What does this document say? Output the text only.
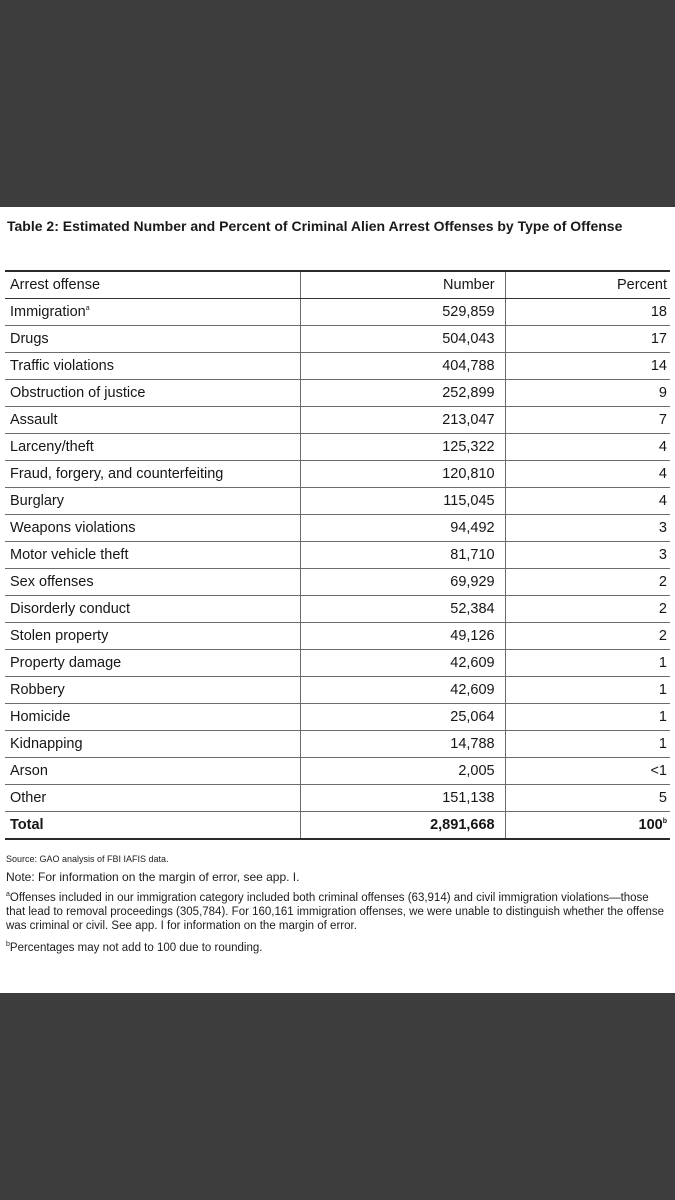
Table 2: Estimated Number and Percent of Criminal Alien Arrest Offenses by Type of Offense
Arrest offense	Number	Percent
Immigration$^a$	529,859	18
Drugs	504,043	17
Traffic violations	404,788	14
Obstruction of justice	252,899	9
Assault	213,047	7
Larceny/theft	125,322	4
Fraud, forgery, and counterfeiting	120,810	4
Burglary	115,045	4
Weapons violations	94,492	3
Motor vehicle theft	81,710	3
Sex offenses	69,929	2
Disorderly conduct	52,384	2
Stolen property	49,126	2
Property damage	42,609	1
Robbery	42,609	1
Homicide	25,064	1
Kidnapping	14,788	1
Arson	2,005	<1
Other	151,138	5
Total	2,891,668	100$^b$
Source: GAO analysis of FBI IAFIS data.
Note: For information on the margin of error, see app. I.
$^a$Offenses included in our immigration category included both criminal offenses (63,914) and civil immigration violations—those that lead to removal proceedings (305,784). For 160,161 immigration offenses, we were unable to distinguish whether the offense was criminal or civil. See app. I for information on the margin of error.
$^b$Percentages may not add to 100 due to rounding.
